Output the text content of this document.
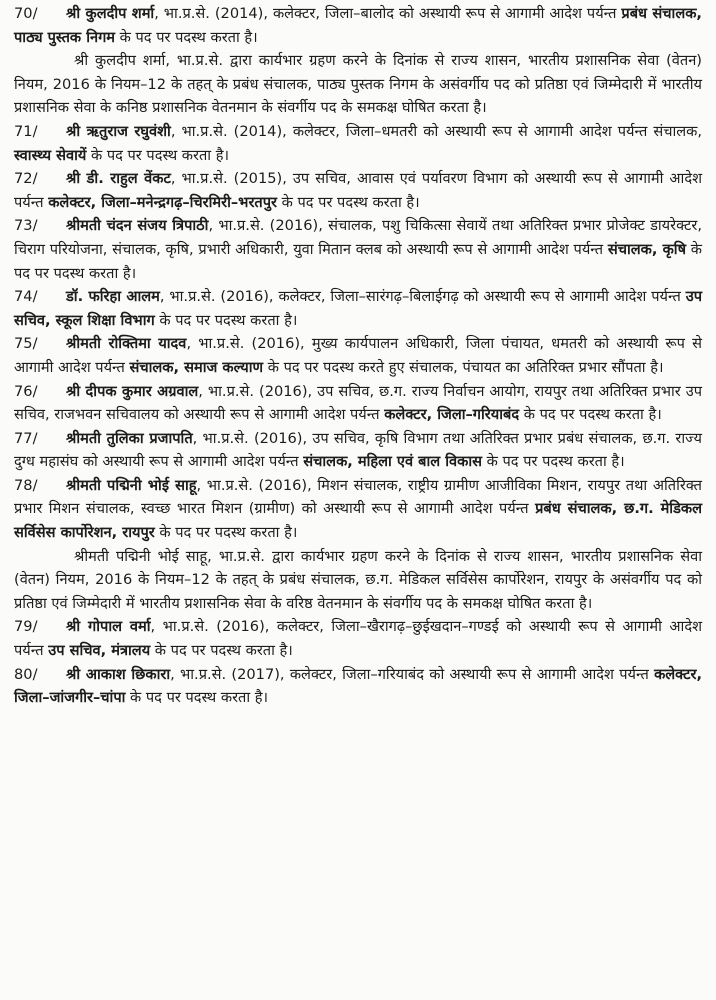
70/ श्री कुलदीप शर्मा, भा.प्र.से. (2014), कलेक्टर, जिला–बालोद को अस्थायी रूप से आगामी आदेश पर्यन्त प्रबंध संचालक, पाठ्य पुस्तक निगम के पद पर पदस्थ करता है।

श्री कुलदीप शर्मा, भा.प्र.से. द्वारा कार्यभार ग्रहण करने के दिनांक से राज्य शासन, भारतीय प्रशासनिक सेवा (वेतन) नियम, 2016 के नियम–12 के तहत् के प्रबंध संचालक, पाठ्य पुस्तक निगम के असंवर्गीय पद को प्रतिष्ठा एवं जिम्मेदारी में भारतीय प्रशासनिक सेवा के कनिष्ठ प्रशासनिक वेतनमान के संवर्गीय पद के समकक्ष घोषित करता है।

71/ श्री ऋतुराज रघुवंशी, भा.प्र.से. (2014), कलेक्टर, जिला–धमतरी को अस्थायी रूप से आगामी आदेश पर्यन्त संचालक, स्वास्थ्य सेवायें के पद पर पदस्थ करता है।

72/ श्री डी. राहुल वेंकट, भा.प्र.से. (2015), उप सचिव, आवास एवं पर्यावरण विभाग को अस्थायी रूप से आगामी आदेश पर्यन्त कलेक्टर, जिला–मनेन्द्रगढ़–चिरमिरी–भरतपुर के पद पर पदस्थ करता है।

73/ श्रीमती चंदन संजय त्रिपाठी, भा.प्र.से. (2016), संचालक, पशु चिकित्सा सेवायें तथा अतिरिक्त प्रभार प्रोजेक्ट डायरेक्टर, चिराग परियोजना, संचालक, कृषि, प्रभारी अधिकारी, युवा मितान क्लब को अस्थायी रूप से आगामी आदेश पर्यन्त संचालक, कृषि के पद पर पदस्थ करता है।

74/ डॉ. फरिहा आलम, भा.प्र.से. (2016), कलेक्टर, जिला–सारंगढ़–बिलाईगढ़ को अस्थायी रूप से आगामी आदेश पर्यन्त उप सचिव, स्कूल शिक्षा विभाग के पद पर पदस्थ करता है।

75/ श्रीमती रोक्तिमा यादव, भा.प्र.से. (2016), मुख्य कार्यपालन अधिकारी, जिला पंचायत, धमतरी को अस्थायी रूप से आगामी आदेश पर्यन्त संचालक, समाज कल्याण के पद पर पदस्थ करते हुए संचालक, पंचायत का अतिरिक्त प्रभार सौंपता है।

76/ श्री दीपक कुमार अग्रवाल, भा.प्र.से. (2016), उप सचिव, छ.ग. राज्य निर्वाचन आयोग, रायपुर तथा अतिरिक्त प्रभार उप सचिव, राजभवन सचिवालय को अस्थायी रूप से आगामी आदेश पर्यन्त कलेक्टर, जिला–गरियाबंद के पद पर पदस्थ करता है।

77/ श्रीमती तुलिका प्रजापति, भा.प्र.से. (2016), उप सचिव, कृषि विभाग तथा अतिरिक्त प्रभार प्रबंध संचालक, छ.ग. राज्य दुग्ध महासंघ को अस्थायी रूप से आगामी आदेश पर्यन्त संचालक, महिला एवं बाल विकास के पद पर पदस्थ करता है।

78/ श्रीमती पद्मिनी भोई साहू, भा.प्र.से. (2016), मिशन संचालक, राष्ट्रीय ग्रामीण आजीविका मिशन, रायपुर तथा अतिरिक्त प्रभार मिशन संचालक, स्वच्छ भारत मिशन (ग्रामीण) को अस्थायी रूप से आगामी आदेश पर्यन्त प्रबंध संचालक, छ.ग. मेडिकल सर्विसेस कार्पोरेशन, रायपुर के पद पर पदस्थ करता है।

श्रीमती पद्मिनी भोई साहू, भा.प्र.से. द्वारा कार्यभार ग्रहण करने के दिनांक से राज्य शासन, भारतीय प्रशासनिक सेवा (वेतन) नियम, 2016 के नियम–12 के तहत् के प्रबंध संचालक, छ.ग. मेडिकल सर्विसेस कार्पोरेशन, रायपुर के असंवर्गीय पद को प्रतिष्ठा एवं जिम्मेदारी में भारतीय प्रशासनिक सेवा के वरिष्ठ वेतनमान के संवर्गीय पद के समकक्ष घोषित करता है।

79/ श्री गोपाल वर्मा, भा.प्र.से. (2016), कलेक्टर, जिला–खैरागढ़–छुईखदान–गण्डई को अस्थायी रूप से आगामी आदेश पर्यन्त उप सचिव, मंत्रालय के पद पर पदस्थ करता है।

80/ श्री आकाश छिकारा, भा.प्र.से. (2017), कलेक्टर, जिला–गरियाबंद को अस्थायी रूप से आगामी आदेश पर्यन्त कलेक्टर, जिला–जांजगीर–चांपा के पद पर पदस्थ करता है।
